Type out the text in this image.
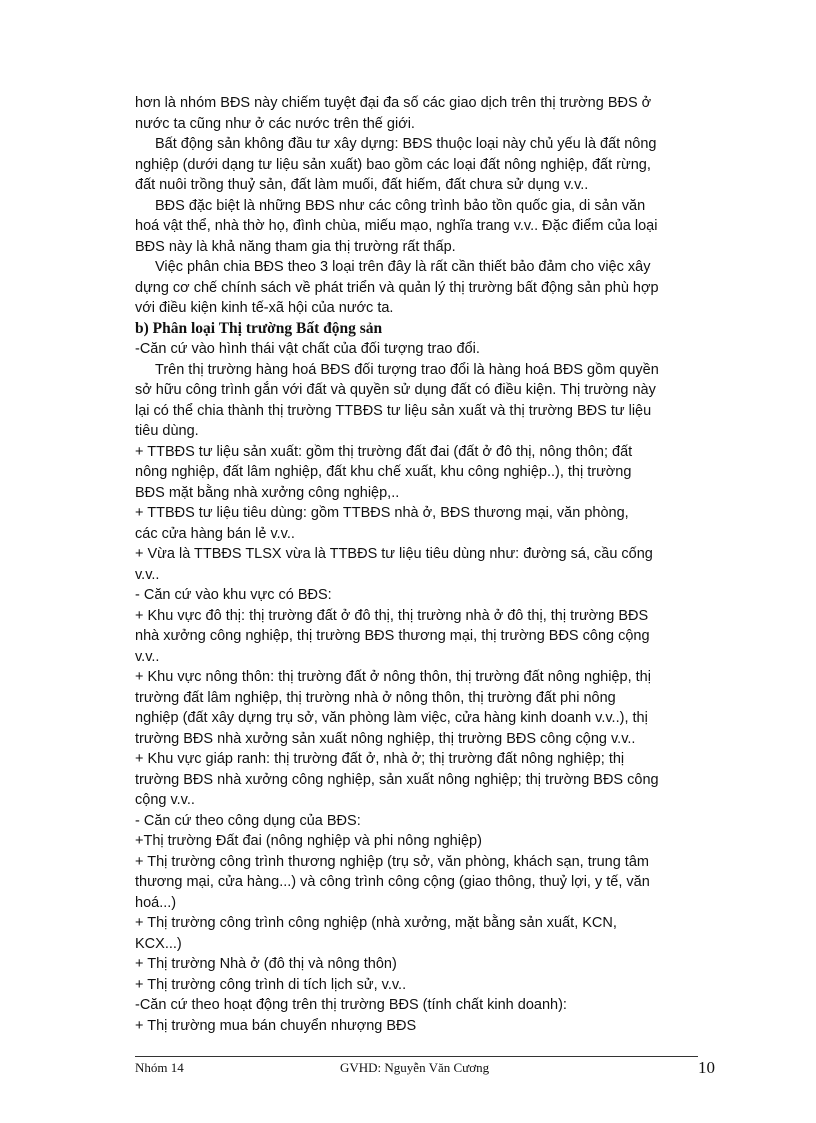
hơn là nhóm BĐS này chiếm tuyệt đại đa số các giao dịch trên thị trường BĐS ở
nước ta cũng như ở các nước trên thế giới.
Bất động sản không đầu tư xây dựng: BĐS thuộc loại này chủ yếu là đất nông
nghiệp (dưới dạng tư liệu sản xuất) bao gồm các loại đất nông nghiệp, đất rừng,
đất nuôi trồng thuỷ sản, đất làm muối, đất hiếm, đất chưa sử dụng v.v..
BĐS đặc biệt là những BĐS như các công trình bảo tồn quốc gia, di sản văn
hoá vật thể, nhà thờ họ, đình chùa, miếu mạo, nghĩa trang v.v.. Đặc điểm của loại
BĐS này là khả năng tham gia thị trường rất thấp.
Việc phân chia BĐS theo 3 loại trên đây là rất cần thiết bảo đảm cho việc xây
dựng cơ chế chính sách về phát triển và quản lý thị trường bất động sản phù hợp
với điều kiện kinh tế-xã hội của nước ta.
b) Phân loại Thị trường Bất động sản
-Căn cứ vào hình thái vật chất của đối tượng trao đổi.
Trên thị trường hàng hoá BĐS đối tượng trao đổi là hàng hoá BĐS gồm quyền
sở hữu công trình gắn với đất và quyền sử dụng đất có điều kiện. Thị trường này
lại có thể chia thành thị trường TTBĐS tư liệu sản xuất và thị trường BĐS tư liệu
tiêu dùng.
+ TTBĐS tư liệu sản xuất: gồm thị trường đất đai (đất ở đô thị, nông thôn; đất
nông nghiệp, đất lâm nghiệp, đất khu chế xuất, khu công nghiệp..), thị trường
BĐS mặt bằng nhà xưởng công nghiệp,..
+ TTBĐS tư liệu tiêu dùng: gồm TTBĐS nhà ở, BĐS thương mại, văn phòng,
các cửa hàng bán lẻ v.v..
+ Vừa là TTBĐS TLSX vừa là TTBĐS tư liệu tiêu dùng như: đường sá, cầu cống
v.v..
- Căn cứ vào khu vực có BĐS:
+ Khu vực đô thị: thị trường đất ở đô thị, thị trường nhà ở đô thị, thị trường BĐS
nhà xưởng công nghiệp, thị trường BĐS thương mại, thị trường BĐS công cộng
v.v..
+ Khu vực nông thôn: thị trường đất ở nông thôn, thị trường đất nông nghiệp, thị
trường đất lâm nghiệp, thị trường nhà ở nông thôn, thị trường đất phi nông
nghiệp (đất xây dựng trụ sở, văn phòng làm việc, cửa hàng kinh doanh v.v..), thị
trường BĐS nhà xưởng sản xuất nông nghiệp, thị trường BĐS công cộng v.v..
+ Khu vực giáp ranh: thị trường đất ở, nhà ở; thị trường đất nông nghiệp; thị
trường BĐS nhà xưởng công nghiệp, sản xuất nông nghiệp; thị trường BĐS công
cộng v.v..
- Căn cứ theo công dụng của BĐS:
+Thị trường Đất đai (nông nghiệp và phi nông nghiệp)
+ Thị trường công trình thương nghiệp (trụ sở, văn phòng, khách sạn, trung tâm
thương mại, cửa hàng...) và công trình công cộng (giao thông, thuỷ lợi, y tế, văn
hoá...)
+ Thị trường công trình công nghiệp (nhà xưởng, mặt bằng sản xuất, KCN,
KCX...)
+ Thị trường Nhà ở (đô thị và nông thôn)
+ Thị trường công trình di tích lịch sử, v.v..
-Căn cứ theo hoạt động trên thị trường BĐS (tính chất kinh doanh):
+ Thị trường mua bán chuyển nhượng BĐS
Nhóm 14	GVHD: Nguyễn Văn Cương	10
